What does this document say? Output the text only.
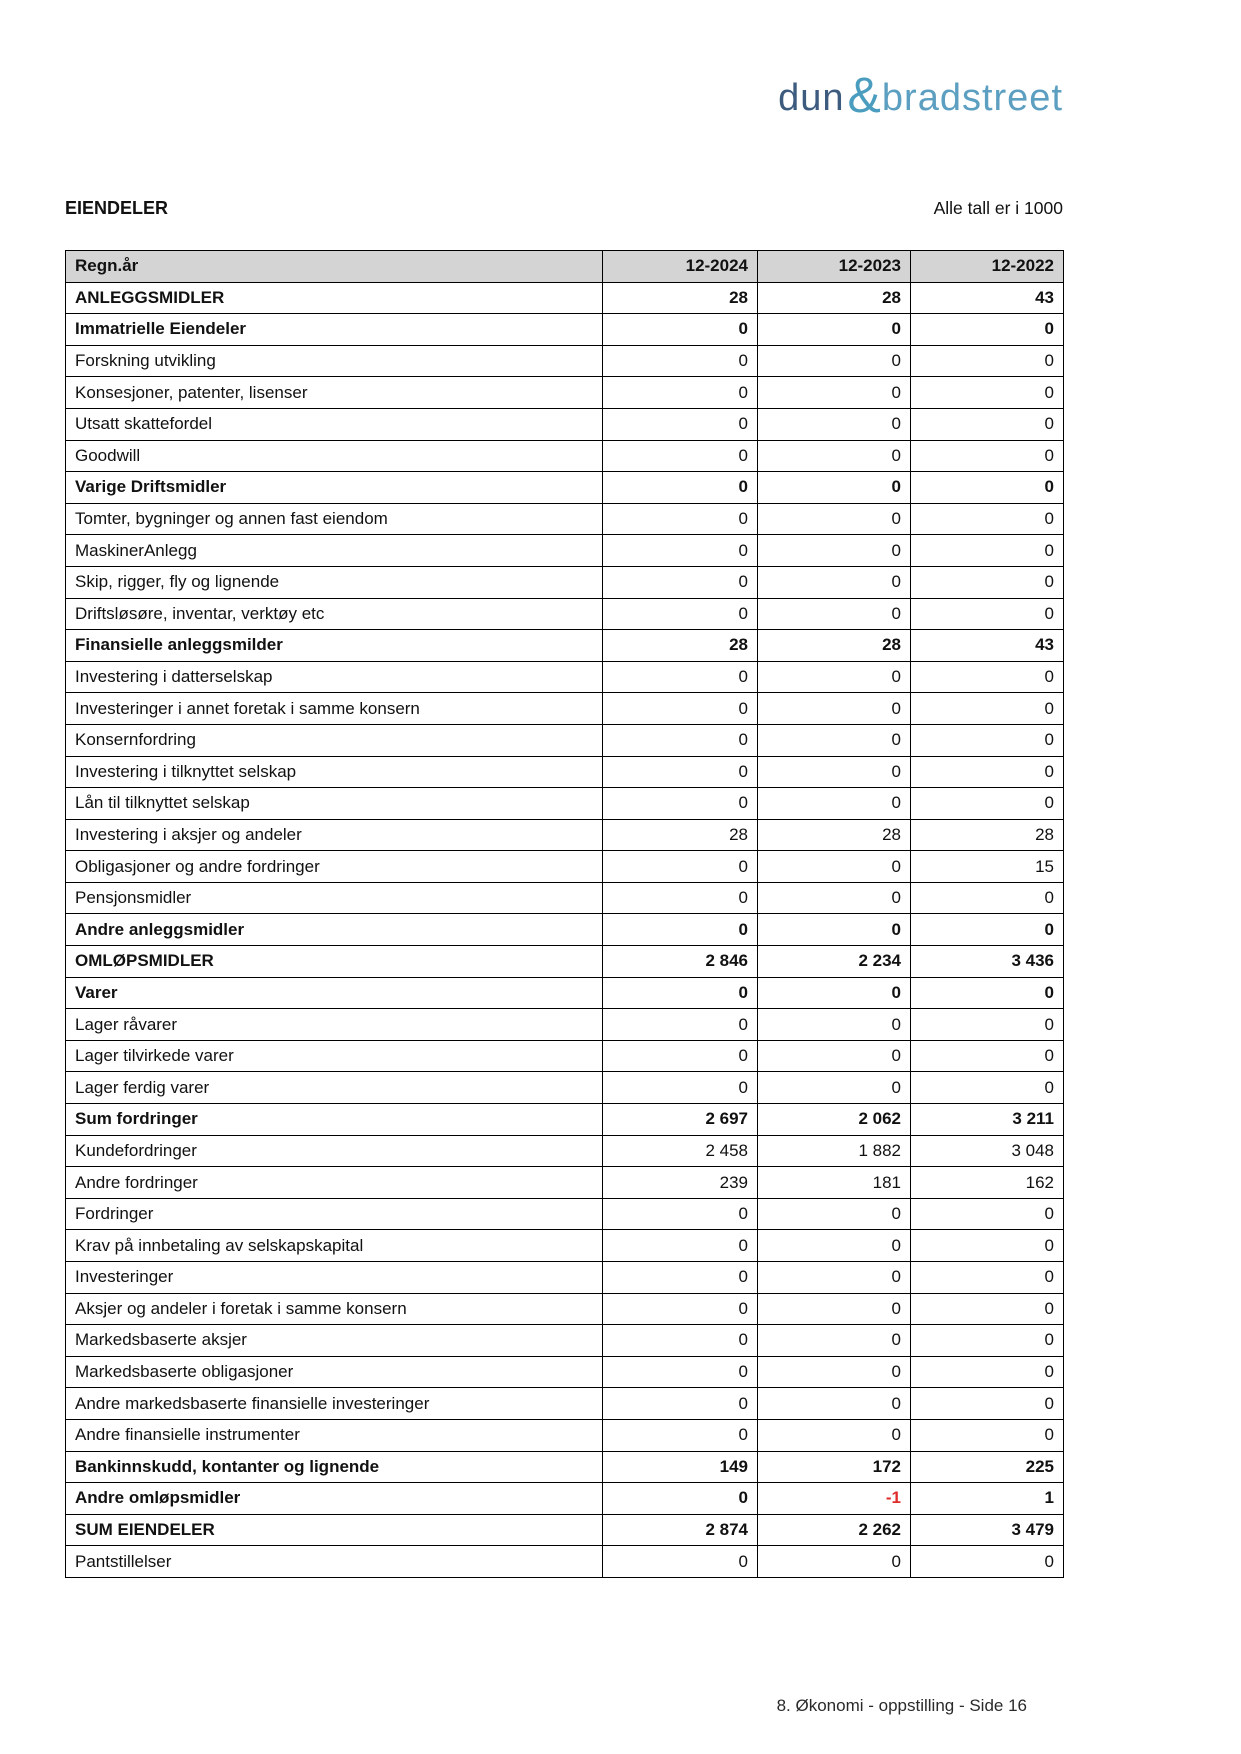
dun & bradstreet
EIENDELER	Alle tall er i 1000
Regn.år	12-2024	12-2023	12-2022
ANLEGGSMIDLER	28	28	43
Immatrielle Eiendeler	0	0	0
Forskning utvikling	0	0	0
Konsesjoner, patenter, lisenser	0	0	0
Utsatt skattefordel	0	0	0
Goodwill	0	0	0
Varige Driftsmidler	0	0	0
Tomter, bygninger og annen fast eiendom	0	0	0
MaskinerAnlegg	0	0	0
Skip, rigger, fly og lignende	0	0	0
Driftsløsøre, inventar, verktøy etc	0	0	0
Finansielle anleggsmilder	28	28	43
Investering i datterselskap	0	0	0
Investeringer i annet foretak i samme konsern	0	0	0
Konsernfordring	0	0	0
Investering i tilknyttet selskap	0	0	0
Lån til tilknyttet selskap	0	0	0
Investering i aksjer og andeler	28	28	28
Obligasjoner og andre fordringer	0	0	15
Pensjonsmidler	0	0	0
Andre anleggsmidler	0	0	0
OMLØPSMIDLER	2 846	2 234	3 436
Varer	0	0	0
Lager råvarer	0	0	0
Lager tilvirkede varer	0	0	0
Lager ferdig varer	0	0	0
Sum fordringer	2 697	2 062	3 211
Kundefordringer	2 458	1 882	3 048
Andre fordringer	239	181	162
Fordringer	0	0	0
Krav på innbetaling av selskapskapital	0	0	0
Investeringer	0	0	0
Aksjer og andeler i foretak i samme konsern	0	0	0
Markedsbaserte aksjer	0	0	0
Markedsbaserte obligasjoner	0	0	0
Andre markedsbaserte finansielle investeringer	0	0	0
Andre finansielle instrumenter	0	0	0
Bankinnskudd, kontanter og lignende	149	172	225
Andre omløpsmidler	0	-1	1
SUM EIENDELER	2 874	2 262	3 479
Pantstillelser	0	0	0
8. Økonomi - oppstilling - Side 16
